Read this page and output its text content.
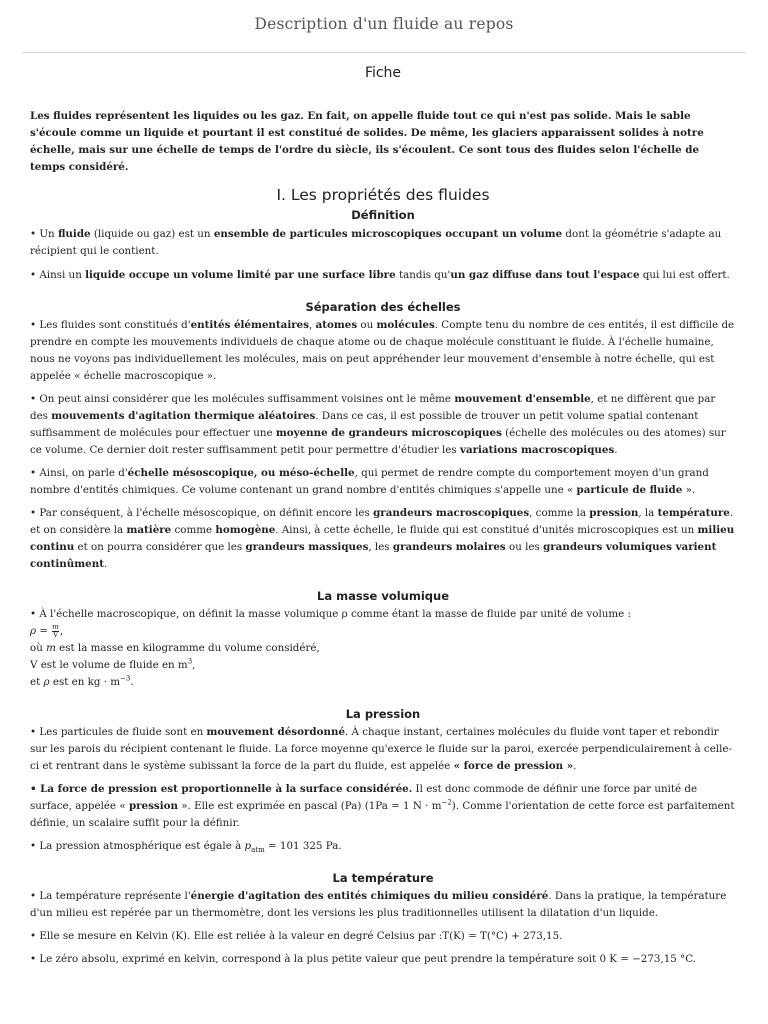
Description d'un fluide au repos
Fiche

Les fluides représentent les liquides ou les gaz. En fait, on appelle fluide tout ce qui n'est pas solide. Mais le sable s'écoule comme un liquide et pourtant il est constitué de solides. De même, les glaciers apparaissent solides à notre échelle, mais sur une échelle de temps de l'ordre du siècle, ils s'écoulent. Ce sont tous des fluides selon l'échelle de temps considéré.

I. Les propriétés des fluides
Définition

• Un fluide (liquide ou gaz) est un ensemble de particules microscopiques occupant un volume dont la géométrie s'adapte au récipient qui le contient.

• Ainsi un liquide occupe un volume limité par une surface libre tandis qu'un gaz diffuse dans tout l'espace qui lui est offert.

Séparation des échelles

• Les fluides sont constitués d'entités élémentaires, atomes ou molécules. Compte tenu du nombre de ces entités, il est difficile de prendre en compte les mouvements individuels de chaque atome ou de chaque molécule constituant le fluide. À l'échelle humaine, nous ne voyons pas individuellement les molécules, mais on peut appréhender leur mouvement d'ensemble à notre échelle, qui est appelée « échelle macroscopique ».

• On peut ainsi considérer que les molécules suffisamment voisines ont le même mouvement d'ensemble, et ne diffèrent que par des mouvements d'agitation thermique aléatoires. Dans ce cas, il est possible de trouver un petit volume spatial contenant suffisamment de molécules pour effectuer une moyenne de grandeurs microscopiques (échelle des molécules ou des atomes) sur ce volume. Ce dernier doit rester suffisamment petit pour permettre d'étudier les variations macroscopiques.

• Ainsi, on parle d'échelle mésoscopique, ou méso-échelle, qui permet de rendre compte du comportement moyen d'un grand nombre d'entités chimiques. Ce volume contenant un grand nombre d'entités chimiques s'appelle une « particule de fluide ».

• Par conséquent, à l'échelle mésoscopique, on définit encore les grandeurs macroscopiques, comme la pression, la température. et on considère la matière comme homogène. Ainsi, à cette échelle, le fluide qui est constitué d'unités microscopiques est un milieu continu et on pourra considérer que les grandeurs massiques, les grandeurs molaires ou les grandeurs volumiques varient continûment.

La masse volumique

• À l'échelle macroscopique, on définit la masse volumique ρ comme étant la masse de fluide par unité de volume :

$\rho = \frac{m}{V}$ ,

où m est la masse en kilogramme du volume considéré,

V est le volume de fluide en $m^3$,

et ρ est en kg · $m^{-3}$.

La pression

• Les particules de fluide sont en mouvement désordonné. À chaque instant, certaines molécules du fluide vont taper et rebondir sur les parois du récipient contenant le fluide. La force moyenne qu'exerce le fluide sur la paroi, exercée perpendiculairement à celle-ci et rentrant dans le système subissant la force de la part du fluide, est appelée « force de pression ».

• La force de pression est proportionnelle à la surface considérée. Il est donc commode de définir une force par unité de surface, appelée « pression ». Elle est exprimée en pascal (Pa) (1Pa = 1 $N \cdot m^{-2}$). Comme l'orientation de cette force est parfaitement définie, un scalaire suffit pour la définir.

• La pression atmosphérique est égale à $p_{atm} = 101$ 325 Pa.

La température

• La température représente l'énergie d'agitation des entités chimiques du milieu considéré. Dans la pratique, la température d'un milieu est repérée par un thermomètre, dont les versions les plus traditionnelles utilisent la dilatation d'un liquide.

• Elle se mesure en Kelvin (K). Elle est reliée à la valeur en degré Celsius par :T(K) = T(°C) + 273,15.

• Le zéro absolu, exprimé en kelvin, correspond à la plus petite valeur que peut prendre la température soit 0 K = −273,15 °C.
